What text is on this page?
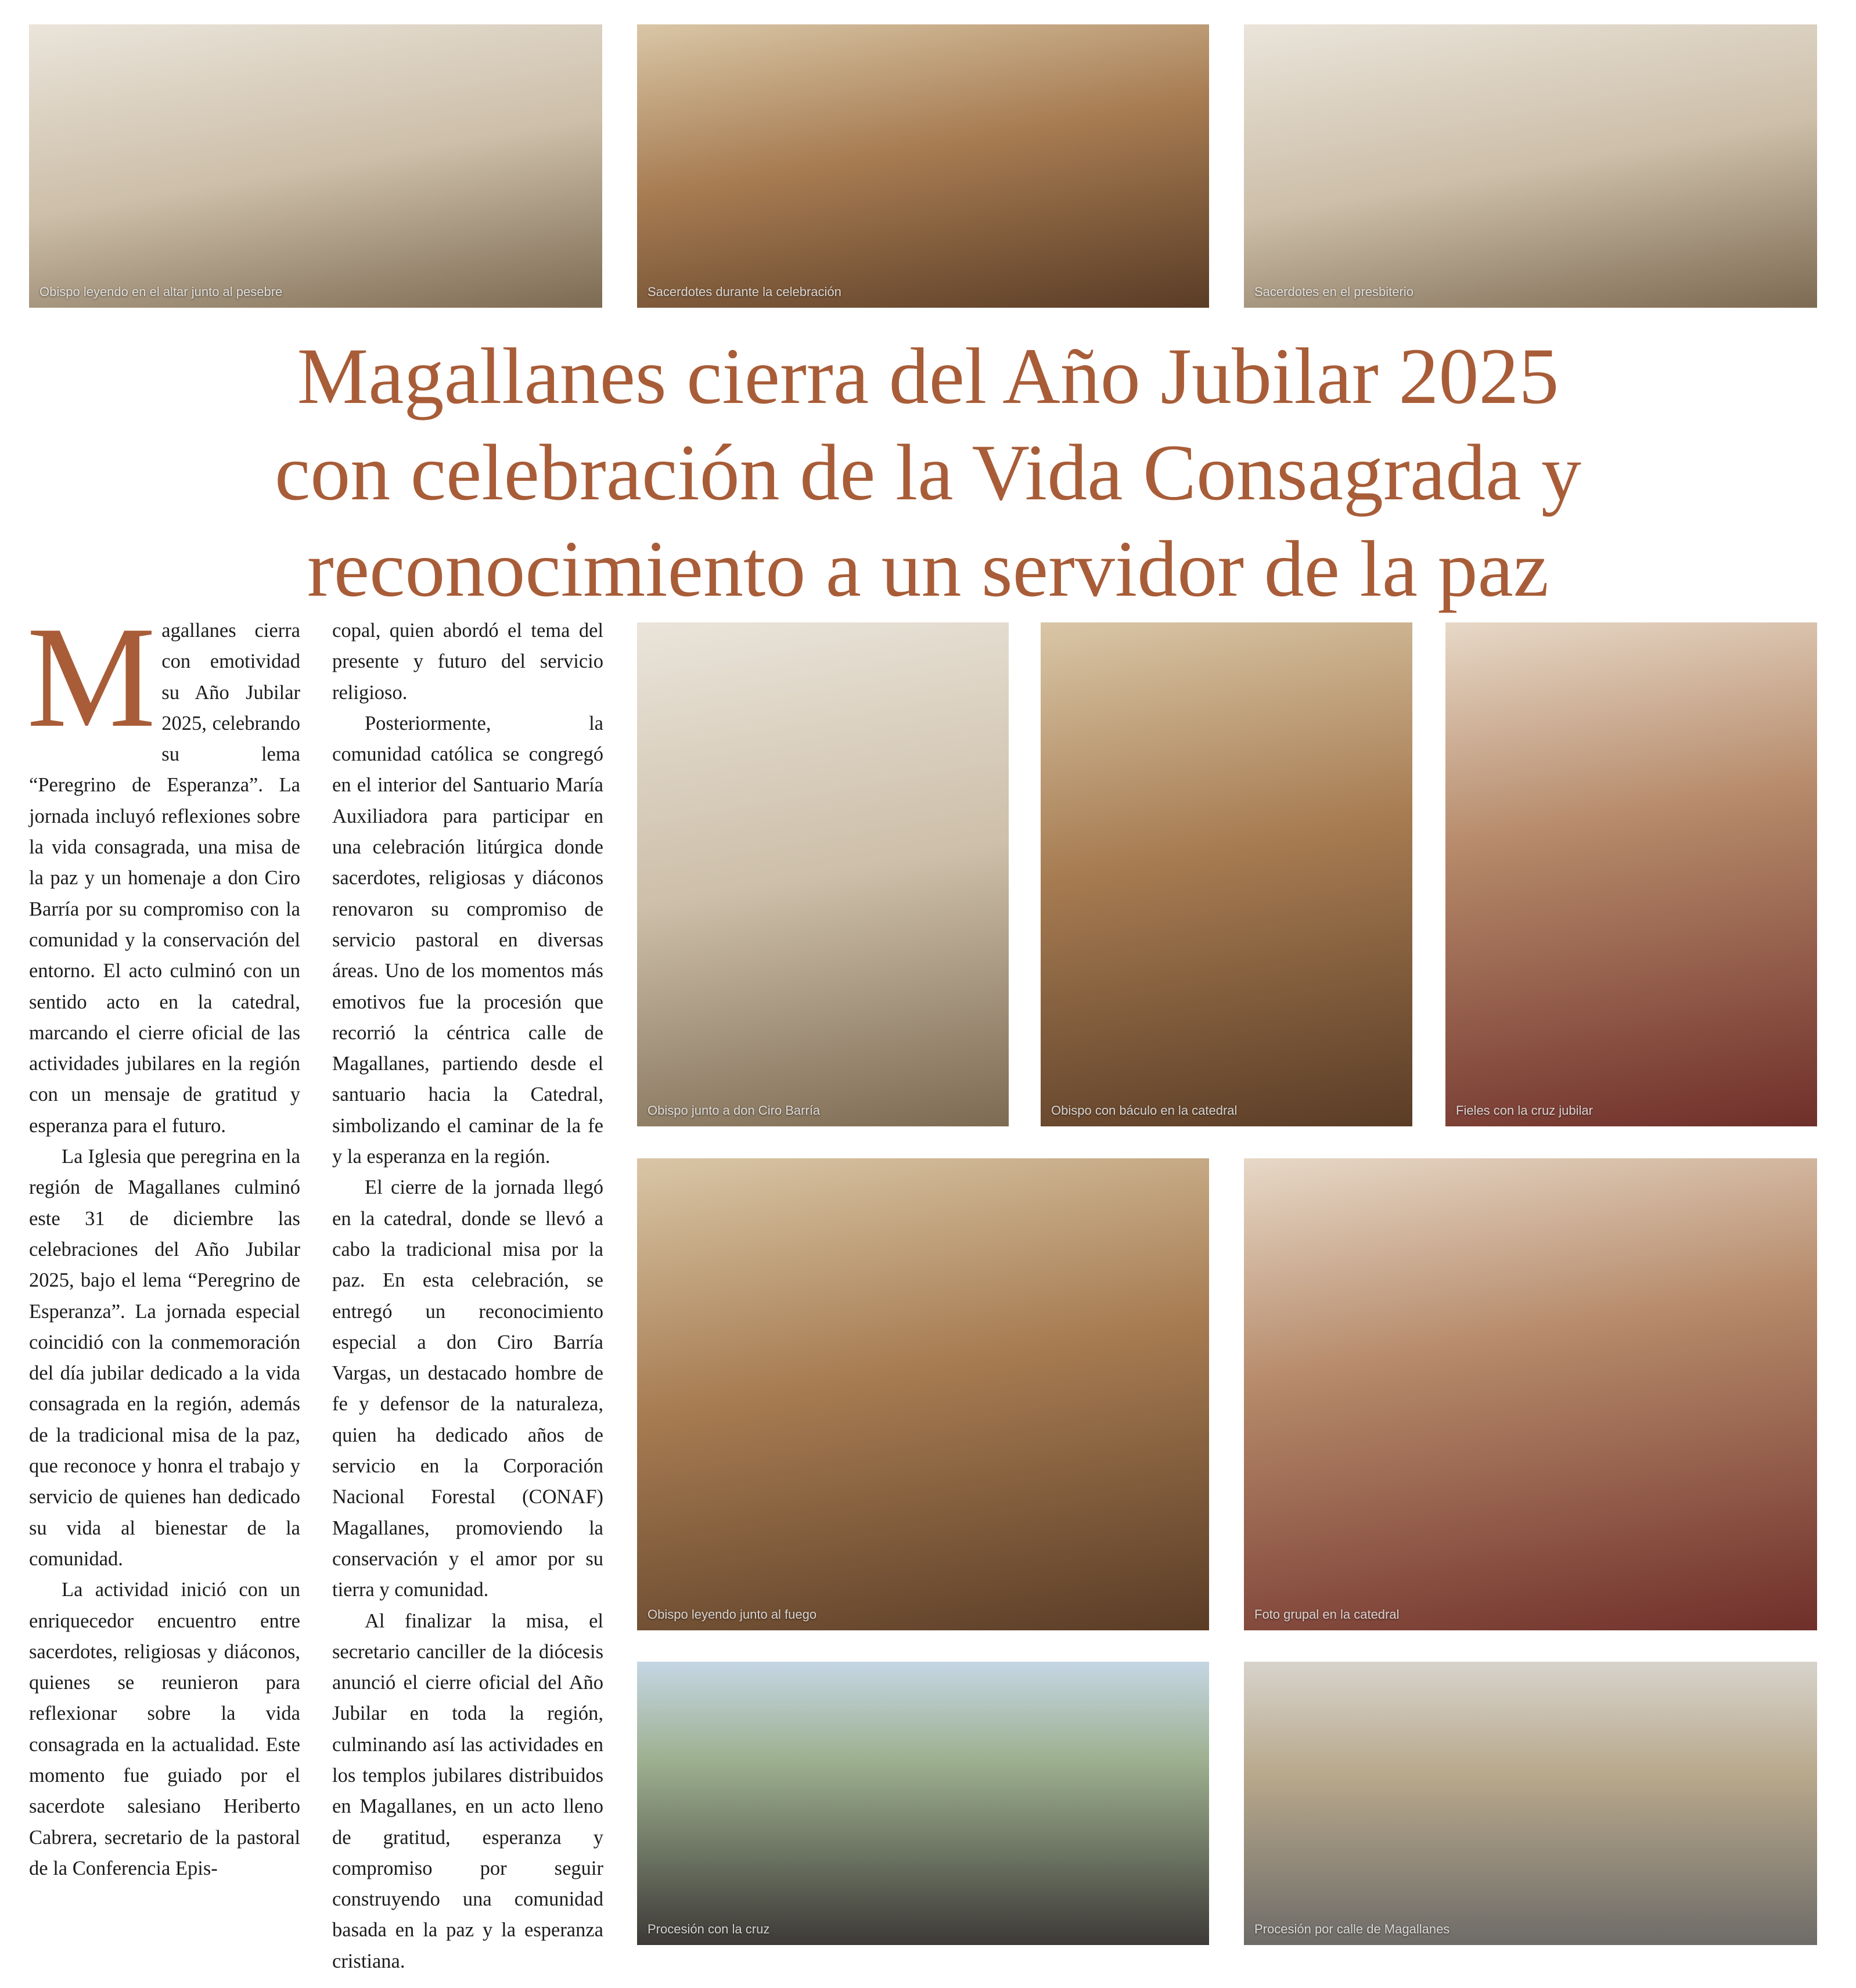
Obispo leyendo en el altar junto al pesebre	Sacerdotes durante la celebración	Sacerdotes en el presbiterio
Magallanes cierra del Año Jubilar 2025
con celebración de la Vida Consagrada y
reconocimiento a un servidor de la paz

Magallanes cierra con emotividad su Año Jubilar 2025, celebrando su lema “Peregrino de Esperanza”. La jornada incluyó reflexiones sobre la vida consagrada, una misa de la paz y un homenaje a don Ciro Barría por su compromiso con la comunidad y la conservación del entorno. El acto culminó con un sentido acto en la catedral, marcando el cierre oficial de las actividades jubilares en la región con un mensaje de gratitud y esperanza para el futuro.

La Iglesia que peregrina en la región de Magallanes culminó este 31 de diciembre las celebraciones del Año Jubilar 2025, bajo el lema “Peregrino de Esperanza”. La jornada especial coincidió con la conmemoración del día jubilar dedicado a la vida consagrada en la región, además de la tradicional misa de la paz, que reconoce y honra el trabajo y servicio de quienes han dedicado su vida al bienestar de la comunidad.

La actividad inició con un enriquecedor encuentro entre sacerdotes, religiosas y diáconos, quienes se reunieron para reflexionar sobre la vida consagrada en la actualidad. Este momento fue guiado por el sacerdote salesiano Heriberto Cabrera, secretario de la pastoral de la Conferencia Epis-

copal, quien abordó el tema del presente y futuro del servicio religioso.

Posteriormente, la comunidad católica se congregó en el interior del Santuario María Auxiliadora para participar en una celebración litúrgica donde sacerdotes, religiosas y diáconos renovaron su compromiso de servicio pastoral en diversas áreas. Uno de los momentos más emotivos fue la procesión que recorrió la céntrica calle de Magallanes, partiendo desde el santuario hacia la Catedral, simbolizando el caminar de la fe y la esperanza en la región.

El cierre de la jornada llegó en la catedral, donde se llevó a cabo la tradicional misa por la paz. En esta celebración, se entregó un reconocimiento especial a don Ciro Barría Vargas, un destacado hombre de fe y defensor de la naturaleza, quien ha dedicado años de servicio en la Corporación Nacional Forestal (CONAF) Magallanes, promoviendo la conservación y el amor por su tierra y comunidad.

Al finalizar la misa, el secretario canciller de la diócesis anunció el cierre oficial del Año Jubilar en toda la región, culminando así las actividades en los templos jubilares distribuidos en Magallanes, en un acto lleno de gratitud, esperanza y compromiso por seguir construyendo una comunidad basada en la paz y la esperanza cristiana.

Obispo junto a don Ciro Barría	Obispo con báculo en la catedral	Fieles con la cruz jubilar
Obispo leyendo junto al fuego	Foto grupal en la catedral
Procesión con la cruz	Procesión por calle de Magallanes
